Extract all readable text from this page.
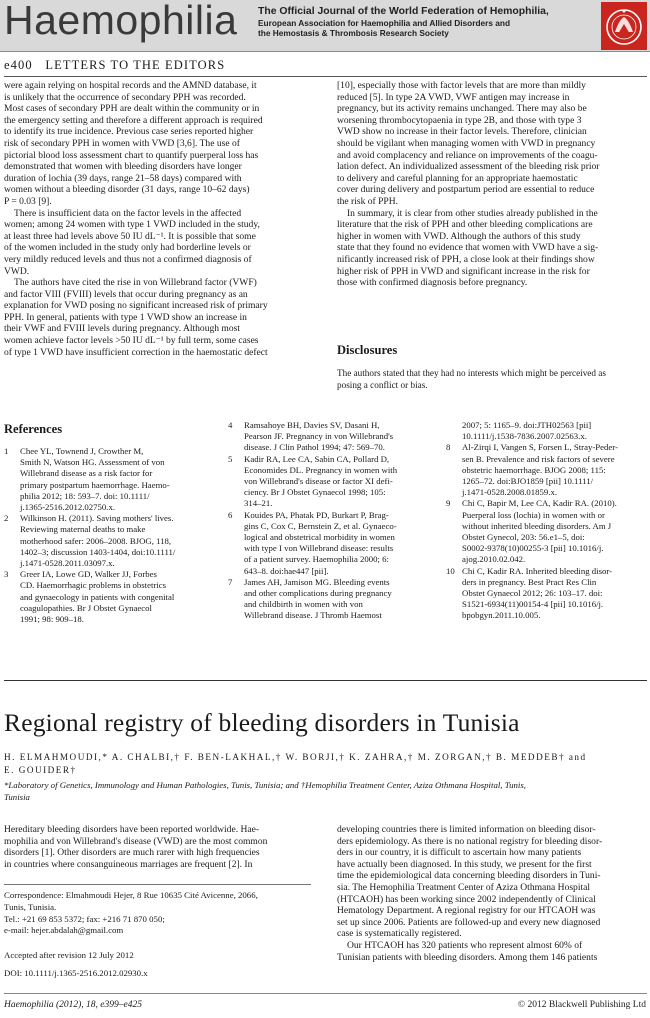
Haemophilia The Official Journal of the World Federation of Hemophilia,
European Association for Haemophilia and Allied Disorders and
the Hemostasis & Thrombosis Research Society
e400 LETTERS TO THE EDITORS
were again relying on hospital records and the AMND database, it
is unlikely that the occurrence of secondary PPH was recorded.
Most cases of secondary PPH are dealt within the community or in
the emergency setting and therefore a different approach is required
to identify its true incidence. Previous case series reported higher
risk of secondary PPH in women with VWD [3,6]. The use of
pictorial blood loss assessment chart to quantify puerperal loss has
demonstrated that women with bleeding disorders have longer
duration of lochia (39 days, range 21–58 days) compared with
women without a bleeding disorder (31 days, range 10–62 days)
P = 0.03 [9].
There is insufficient data on the factor levels in the affected
women; among 24 women with type 1 VWD included in the study,
at least three had levels above 50 IU dL⁻¹. It is possible that some
of the women included in the study only had borderline levels or
very mildly reduced levels and thus not a confirmed diagnosis of
VWD.
The authors have cited the rise in von Willebrand factor (VWF)
and factor VIII (FVIII) levels that occur during pregnancy as an
explanation for VWD posing no significant increased risk of primary
PPH. In general, patients with type 1 VWD show an increase in
their VWF and FVIII levels during pregnancy. Although most
women achieve factor levels >50 IU dL⁻¹ by full term, some cases
of type 1 VWD have insufficient correction in the haemostatic defect
[10], especially those with factor levels that are more than mildly
reduced [5]. In type 2A VWD, VWF antigen may increase in
pregnancy, but its activity remains unchanged. There may also be
worsening thrombocytopaenia in type 2B, and those with type 3
VWD show no increase in their factor levels. Therefore, clinician
should be vigilant when managing women with VWD in pregnancy
and avoid complacency and reliance on improvements of the coagu-
lation defect. An individualized assessment of the bleeding risk prior
to delivery and careful planning for an appropriate haemostatic
cover during delivery and postpartum period are essential to reduce
the risk of PPH.
In summary, it is clear from other studies already published in the
literature that the risk of PPH and other bleeding complications are
higher in women with VWD. Although the authors of this study
state that they found no evidence that women with VWD have a sig-
nificantly increased risk of PPH, a close look at their findings show
higher risk of PPH in VWD and significant increase in the risk for
those with confirmed diagnosis before pregnancy.
Disclosures
The authors stated that they had no interests which might be perceived as
posing a conflict or bias.
References
1 Chee YL, Townend J, Crowther M,
Smith N, Watson HG. Assessment of von
Willebrand disease as a risk factor for
primary postpartum haemorrhage. Haemo-
philia 2012; 18: 593–7. doi: 10.1111/
j.1365-2516.2012.02750.x.
2 Wilkinson H. (2011). Saving mothers' lives.
Reviewing maternal deaths to make
motherhood safer: 2006–2008. BJOG, 118,
1402–3; discussion 1403-1404, doi:10.1111/
j.1471-0528.2011.03097.x.
3 Greer IA, Lowe GD, Walker JJ, Forbes
CD. Haemorrhagic problems in obstetrics
and gynaecology in patients with congenital
coagulopathies. Br J Obstet Gynaecol
1991; 98: 909–18.
4 Ramsahoye BH, Davies SV, Dasani H,
Pearson JF. Pregnancy in von Willebrand's
disease. J Clin Pathol 1994; 47: 569–70.
5 Kadir RA, Lee CA, Sabin CA, Pollard D,
Economides DL. Pregnancy in women with
von Willebrand's disease or factor XI defi-
ciency. Br J Obstet Gynaecol 1998; 105:
314–21.
6 Kouides PA, Phatak PD, Burkart P, Brag-
gins C, Cox C, Bernstein Z, et al. Gynaeco-
logical and obstetrical morbidity in women
with type I von Willebrand disease: results
of a patient survey. Haemophilia 2000; 6:
643–8. doi:hae447 [pii].
7 James AH, Jamison MG. Bleeding events
and other complications during pregnancy
and childbirth in women with von
Willebrand disease. J Thromb Haemost
2007; 5: 1165–9. doi:JTH02563 [pii]
10.1111/j.1538-7836.2007.02563.x.
8 Al-Zirqi I, Vangen S, Forsen L, Stray-Peder-
sen B. Prevalence and risk factors of severe
obstetric haemorrhage. BJOG 2008; 115:
1265–72. doi:BJO1859 [pii] 10.1111/
j.1471-0528.2008.01859.x.
9 Chi C, Bapir M, Lee CA, Kadir RA. (2010).
Puerperal loss (lochia) in women with or
without inherited bleeding disorders. Am J
Obstet Gynecol, 203: 56.e1–5, doi:
S0002-9378(10)00255-3 [pii] 10.1016/j.
ajog.2010.02.042.
10 Chi C, Kadir RA. Inherited bleeding disor-
ders in pregnancy. Best Pract Res Clin
Obstet Gynaecol 2012; 26: 103–17. doi:
S1521-6934(11)00154-4 [pii] 10.1016/j.
bpobgyn.2011.10.005.
Regional registry of bleeding disorders in Tunisia
H. ELMAHMOUDI,* A. CHALBI,† F. BEN-LAKHAL,† W. BORJI,† K. ZAHRA,† M. ZORGAN,† B. MEDDEB† and
E. GOUIDER†
*Laboratory of Genetics, Immunology and Human Pathologies, Tunis, Tunisia; and †Hemophilia Treatment Center, Aziza Othmana Hospital, Tunis,
Tunisia
Hereditary bleeding disorders have been reported worldwide. Hae-
mophilia and von Willebrand's disease (VWD) are the most common
disorders [1]. Other disorders are much rarer with high frequencies
in countries where consanguineous marriages are frequent [2]. In
developing countries there is limited information on bleeding disor-
ders epidemiology. As there is no national registry for bleeding disor-
ders in our country, it is difficult to ascertain how many patients
have actually been diagnosed. In this study, we present for the first
time the epidemiological data concerning bleeding disorders in Tuni-
sia. The Hemophilia Treatment Center of Aziza Othmana Hospital
(HTCAOH) has been working since 2002 independently of Clinical
Hematology Department. A regional registry for our HTCAOH was
set up since 2006. Patients are followed-up and every new diagnosed
case is systematically registered.
Our HTCAOH has 320 patients who represent almost 60% of
Tunisian patients with bleeding disorders. Among them 146 patients
Correspondence: Elmahmoudi Hejer, 8 Rue 10635 Cité Avicenne, 2066,
Tunis, Tunisia.
Tel.: +21 69 853 5372; fax: +216 71 870 050;
e-mail: hejer.abdalah@gmail.com
Accepted after revision 12 July 2012
DOI: 10.1111/j.1365-2516.2012.02930.x
Haemophilia (2012), 18, e399–e425	© 2012 Blackwell Publishing Ltd
